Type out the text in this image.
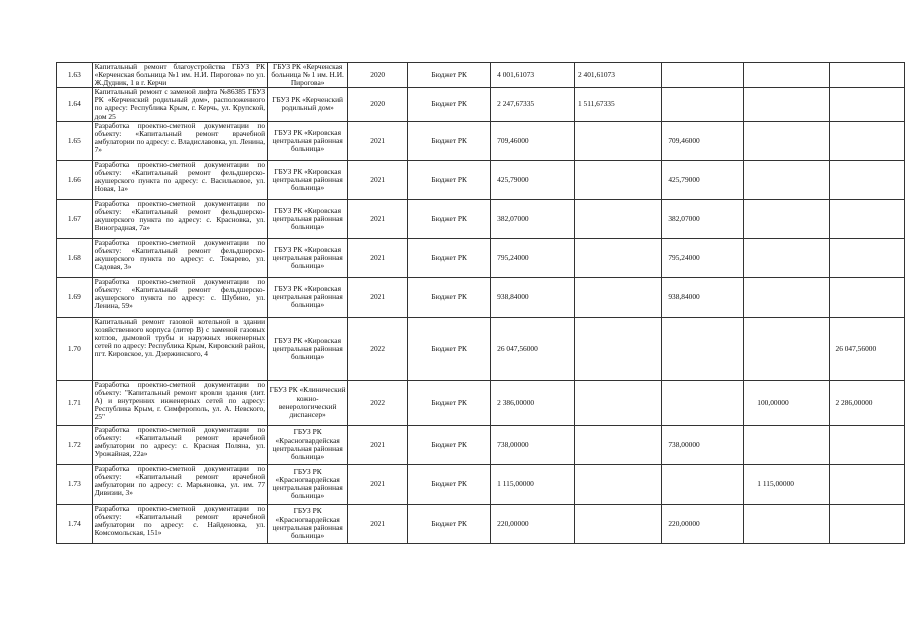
1.63	Капитальный ремонт благоустройства ГБУЗ РК «Керченская больница №1 им. Н.И. Пирогова» по ул. Ж.Дудник, 1 в г. Керчи	ГБУЗ РК «Керченская больница № 1 им. Н.И. Пирогова»	2020	Бюджет РК	4 001,61073	2 401,61073			
1.64	Капитальный ремонт с заменой лифта №86385 ГБУЗ РК «Керченский родильный дом», расположенного по адресу: Республика Крым, г. Керчь, ул. Крупской, дом 25	ГБУЗ РК «Керченский родильный дом»	2020	Бюджет РК	2 247,67335	1 511,67335			
1.65	Разработка проектно-сметной документации по объекту: «Капитальный ремонт врачебной амбулатории по адресу: с. Владиславовка, ул. Ленина, 7»	ГБУЗ РК «Кировская центральная районная больница»	2021	Бюджет РК	709,46000		709,46000		
1.66	Разработка проектно-сметной документации по объекту: «Капитальный ремонт фельдшерско-акушерского пункта по адресу: с. Васильковое, ул. Новая, 1а»	ГБУЗ РК «Кировская центральная районная больница»	2021	Бюджет РК	425,79000		425,79000		
1.67	Разработка проектно-сметной документации по объекту: «Капитальный ремонт фельдшерско-акушерского пункта по адресу: с. Красновка, ул. Виноградная, 7а»	ГБУЗ РК «Кировская центральная районная больница»	2021	Бюджет РК	382,07000		382,07000		
1.68	Разработка проектно-сметной документации по объекту: «Капитальный ремонт фельдшерско-акушерского пункта по адресу: с. Токарево, ул. Садовая, 3»	ГБУЗ РК «Кировская центральная районная больница»	2021	Бюджет РК	795,24000		795,24000		
1.69	Разработка проектно-сметной документации по объекту: «Капитальный ремонт фельдшерско-акушерского пункта по адресу: с. Шубино, ул. Ленина, 59»	ГБУЗ РК «Кировская центральная районная больница»	2021	Бюджет РК	938,84000		938,84000		
1.70	Капитальный ремонт газовой котельной в здании хозяйственного корпуса (литер В) с заменой газовых котлов, дымовой трубы и наружных инженерных сетей по адресу: Республика Крым, Кировский район, пгт. Кировское, ул. Дзержинского, 4	ГБУЗ РК «Кировская центральная районная больница»	2022	Бюджет РК	26 047,56000				26 047,56000
1.71	Разработка проектно-сметной документации по объекту: "Капитальный ремонт кровли здания (лит. А) и внутренних инженерных сетей по адресу: Республика Крым, г. Симферополь, ул. А. Невского, 25"	ГБУЗ РК «Клинический кожно-венерологический диспансер»	2022	Бюджет РК	2 386,00000			100,00000	2 286,00000
1.72	Разработка проектно-сметной документации по объекту: «Капитальный ремонт врачебной амбулатории по адресу: с. Красная Поляна, ул. Урожайная, 22а»	ГБУЗ РК «Красногвардейская центральная районная больница»	2021	Бюджет РК	738,00000		738,00000		
1.73	Разработка проектно-сметной документации по объекту: «Капитальный ремонт врачебной амбулатории по адресу: с. Марьяновка, ул. им. 77 Дивизии, 3»	ГБУЗ РК «Красногвардейская центральная районная больница»	2021	Бюджет РК	1 115,00000			1 115,00000	
1.74	Разработка проектно-сметной документации по объекту: «Капитальный ремонт врачебной амбулатории по адресу: с. Найденовка, ул. Комсомольская, 151»	ГБУЗ РК «Красногвардейская центральная районная больница»	2021	Бюджет РК	220,00000		220,00000		
